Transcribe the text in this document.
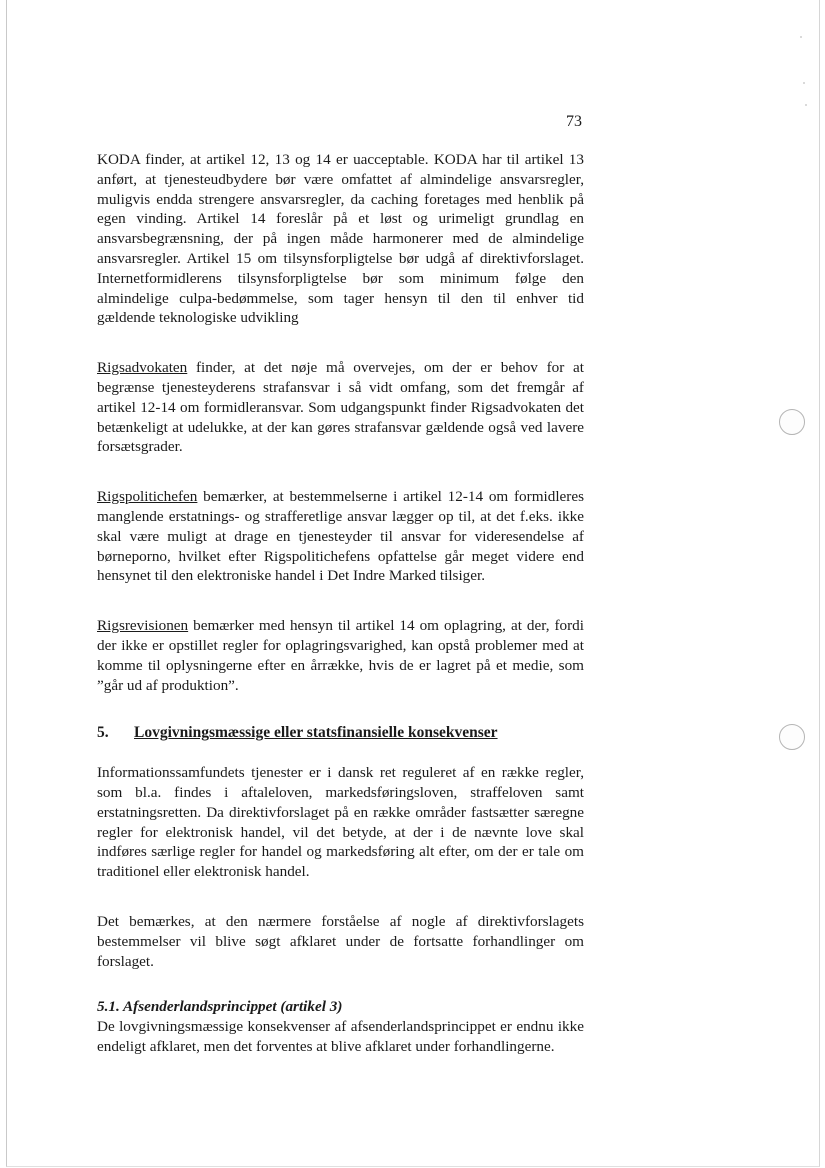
73

KODA finder, at artikel 12, 13 og 14 er uacceptable. KODA har til artikel 13 anført, at tjenesteudbydere bør være omfattet af almindelige ansvarsregler, muligvis endda strengere ansvarsregler, da caching foretages med henblik på egen vinding. Artikel 14 foreslår på et løst og urimeligt grundlag en ansvarsbegrænsning, der på ingen måde harmonerer med de almindelige ansvarsregler. Artikel 15 om tilsynsforpligtelse bør udgå af direktivforslaget. Internetformidlerens tilsynsforpligtelse bør som minimum følge den almindelige culpa-bedømmelse, som tager hensyn til den til enhver tid gældende teknologiske udvikling

Rigsadvokaten finder, at det nøje må overvejes, om der er behov for at begrænse tjenesteyderens strafansvar i så vidt omfang, som det fremgår af artikel 12-14 om formidleransvar. Som udgangspunkt finder Rigsadvokaten det betænkeligt at udelukke, at der kan gøres strafansvar gældende også ved lavere forsætsgrader.

Rigspolitichefen bemærker, at bestemmelserne i artikel 12-14 om formidleres manglende erstatnings- og strafferetlige ansvar lægger op til, at det f.eks. ikke skal være muligt at drage en tjenesteyder til ansvar for videresendelse af børneporno, hvilket efter Rigspolitichefens opfattelse går meget videre end hensynet til den elektroniske handel i Det Indre Marked tilsiger.

Rigsrevisionen bemærker med hensyn til artikel 14 om oplagring, at der, fordi der ikke er opstillet regler for oplagringsvarighed, kan opstå problemer med at komme til oplysningerne efter en årrække, hvis de er lagret på et medie, som ”går ud af produktion”.

5.	Lovgivningsmæssige eller statsfinansielle konsekvenser

Informationssamfundets tjenester er i dansk ret reguleret af en række regler, som bl.a. findes i aftaleloven, markedsføringsloven, straffeloven samt erstatningsretten. Da direktivforslaget på en række områder fastsætter særegne regler for elektronisk handel, vil det betyde, at der i de nævnte love skal indføres særlige regler for handel og markedsføring alt efter, om der er tale om traditionel eller elektronisk handel.

Det bemærkes, at den nærmere forståelse af nogle af direktivforslagets bestemmelser vil blive søgt afklaret under de fortsatte forhandlinger om forslaget.

5.1. Afsenderlandsprincippet (artikel 3)

De lovgivningsmæssige konsekvenser af afsenderlandsprincippet er endnu ikke endeligt afklaret, men det forventes at blive afklaret under forhandlingerne.
